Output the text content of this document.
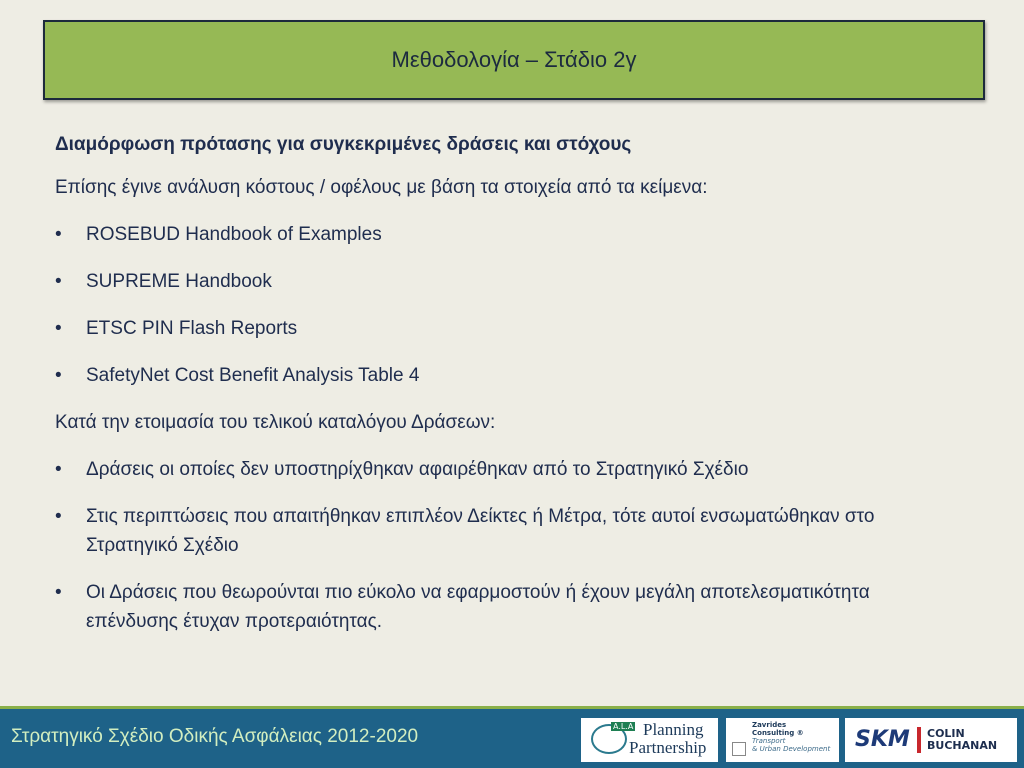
Μεθοδολογία – Στάδιο 2γ

Διαμόρφωση πρότασης για συγκεκριμένες δράσεις και στόχους

Επίσης έγινε ανάλυση κόστους / οφέλους με βάση τα στοιχεία από τα κείμενα:

•	ROSEBUD Handbook of Examples
•	SUPREME Handbook
•	ETSC PIN Flash Reports
•	SafetyNet Cost Benefit Analysis Table 4

Κατά την ετοιμασία του τελικού καταλόγου Δράσεων:

•	Δράσεις οι οποίες δεν υποστηρίχθηκαν αφαιρέθηκαν από το Στρατηγικό Σχέδιο
•	Στις περιπτώσεις που απαιτήθηκαν επιπλέον Δείκτες ή Μέτρα, τότε αυτοί ενσωματώθηκαν στο Στρατηγικό Σχέδιο
•	Οι Δράσεις που θεωρούνται πιο εύκολο να εφαρμοστούν ή έχουν μεγάλη αποτελεσματικότητα επένδυσης έτυχαν προτεραιότητας.
Στρατηγικό Σχέδιο Οδικής Ασφάλειας 2012-2020	A.L.A Planning
Partnership
Zavrides
Consulting ®
Transport
& Urban Development SKM COLIN
BUCHANAN
